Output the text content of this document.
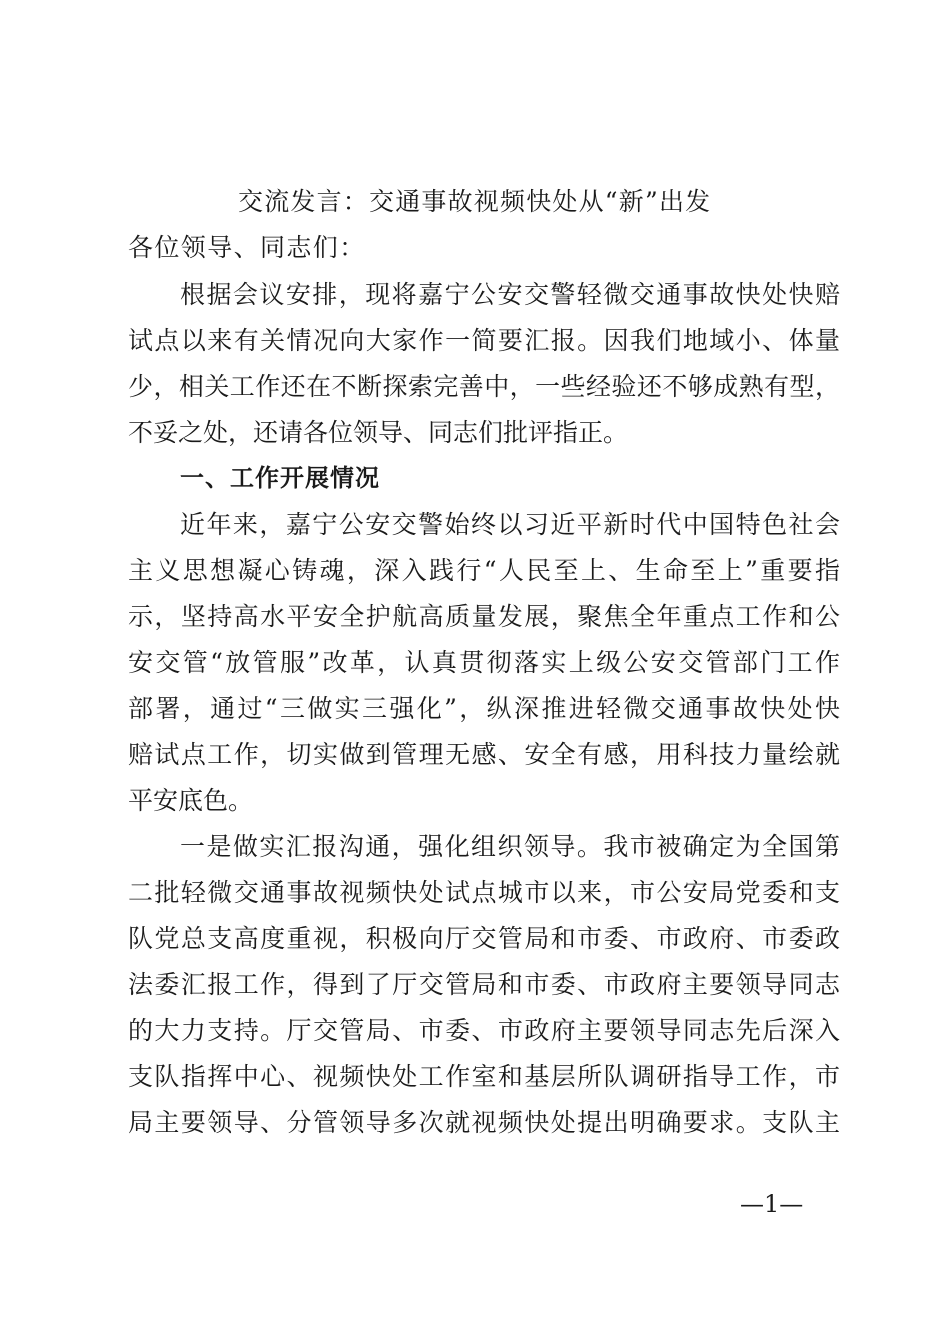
交流发言：交通事故视频快处从“新”出发
各位领导、同志们：
根据会议安排，现将嘉宁公安交警轻微交通事故快处快赔
试点以来有关情况向大家作一简要汇报。因我们地域小、体量
少，相关工作还在不断探索完善中，一些经验还不够成熟有型，
不妥之处，还请各位领导、同志们批评指正。
一、工作开展情况
近年来，嘉宁公安交警始终以习近平新时代中国特色社会
主义思想凝心铸魂，深入践行“人民至上、生命至上”重要指
示，坚持高水平安全护航高质量发展，聚焦全年重点工作和公
安交管“放管服”改革，认真贯彻落实上级公安交管部门工作
部署，通过“三做实三强化”，纵深推进轻微交通事故快处快
赔试点工作，切实做到管理无感、安全有感，用科技力量绘就
平安底色。
一是做实汇报沟通，强化组织领导。我市被确定为全国第
二批轻微交通事故视频快处试点城市以来，市公安局党委和支
队党总支高度重视，积极向厅交管局和市委、市政府、市委政
法委汇报工作，得到了厅交管局和市委、市政府主要领导同志
的大力支持。厅交管局、市委、市政府主要领导同志先后深入
支队指挥中心、视频快处工作室和基层所队调研指导工作，市
局主要领导、分管领导多次就视频快处提出明确要求。支队主
—1—
